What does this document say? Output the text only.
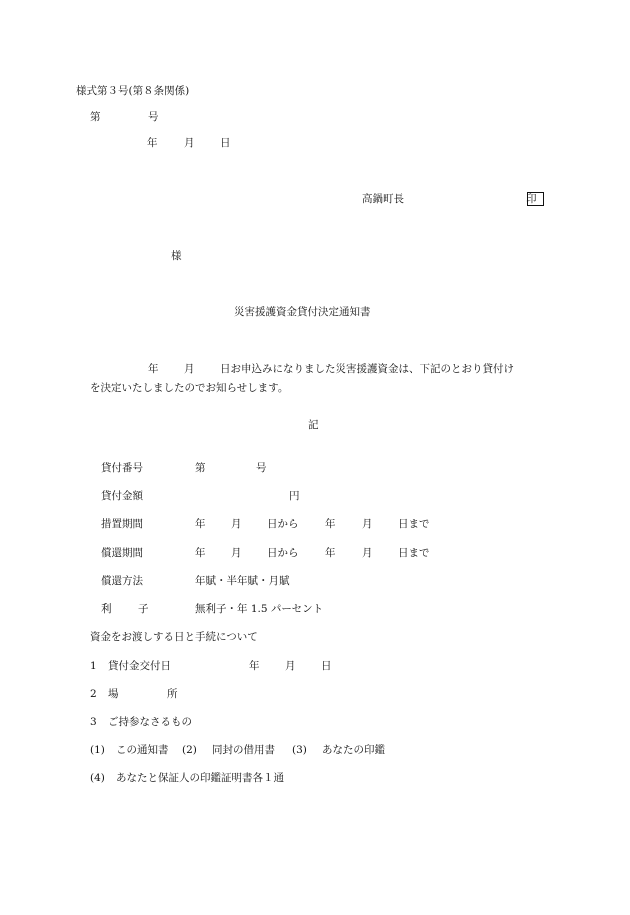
様式第３号(第８条関係)
第	号
年	月 日
高鍋町長	印
様
災害援護資金貸付決定通知書
年 月 日お申込みになりました災害援護資金は、下記のとおり貸付け
を決定いたしましたのでお知らせします。
記
貸付番号	第	号
貸付金額	円
措置期間	年 月 日から	年	月 日まで
償還期間	年 月 日から	年	月 日まで
償還方法	年賦・半年賦・月賦
利	子	無利子・年 1.5 パーセント
資金をお渡しする日と手続について
1 貸付金交付日	年 月 日
2 場	所
3 ご持参なさるもの
(1) この通知書 (2) 同封の借用書 (3) あなたの印鑑
(4) あなたと保証人の印鑑証明書各１通
